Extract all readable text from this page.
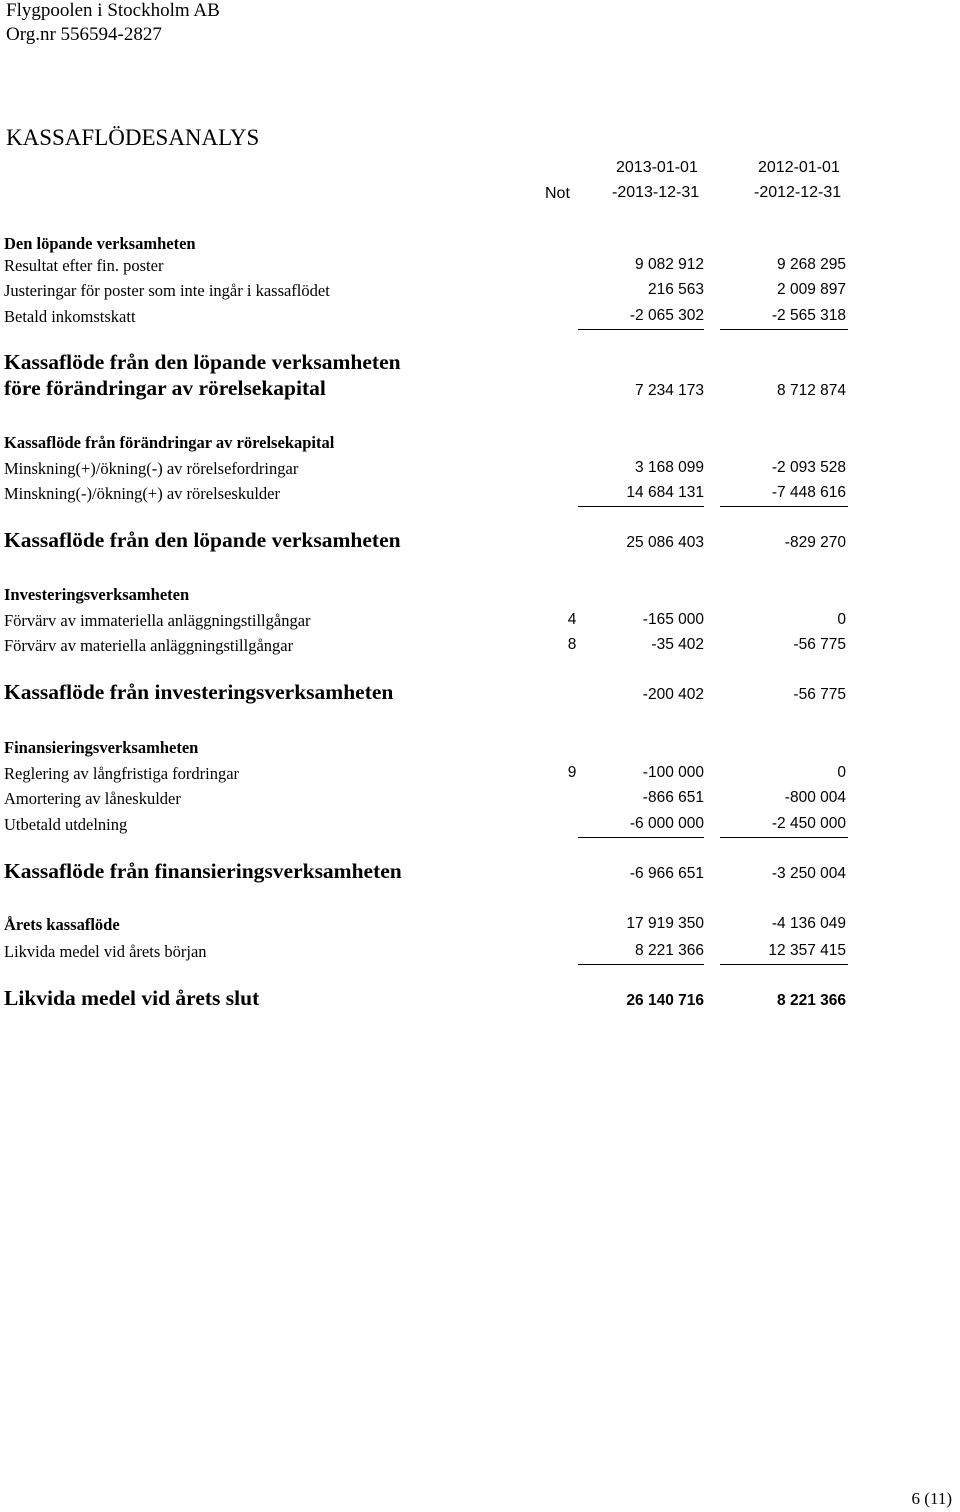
Flygpoolen i Stockholm AB
Org.nr 556594-2827
KASSAFLÖDESANALYS
2013-01-01	2012-01-01
Not	-2013-12-31	-2012-12-31
Den löpande verksamheten
Resultat efter fin. poster	9 082 912	9 268 295
Justeringar för poster som inte ingår i kassaflödet	216 563	2 009 897
Betald inkomstskatt	-2 065 302	-2 565 318
Kassaflöde från den löpande verksamheten
före förändringar av rörelsekapital	7 234 173	8 712 874
Kassaflöde från förändringar av rörelsekapital
Minskning(+)/ökning(-) av rörelsefordringar	3 168 099	-2 093 528
Minskning(-)/ökning(+) av rörelseskulder	14 684 131	-7 448 616
Kassaflöde från den löpande verksamheten	25 086 403	-829 270
Investeringsverksamheten
Förvärv av immateriella anläggningstillgångar	4	-165 000	0
Förvärv av materiella anläggningstillgångar	8	-35 402	-56 775
Kassaflöde från investeringsverksamheten	-200 402	-56 775
Finansieringsverksamheten
Reglering av långfristiga fordringar	9	-100 000	0
Amortering av låneskulder	-866 651	-800 004
Utbetald utdelning	-6 000 000	-2 450 000
Kassaflöde från finansieringsverksamheten	-6 966 651	-3 250 004
Årets kassaflöde	17 919 350	-4 136 049
Likvida medel vid årets början	8 221 366	12 357 415
Likvida medel vid årets slut	26 140 716	8 221 366
6 (11)
